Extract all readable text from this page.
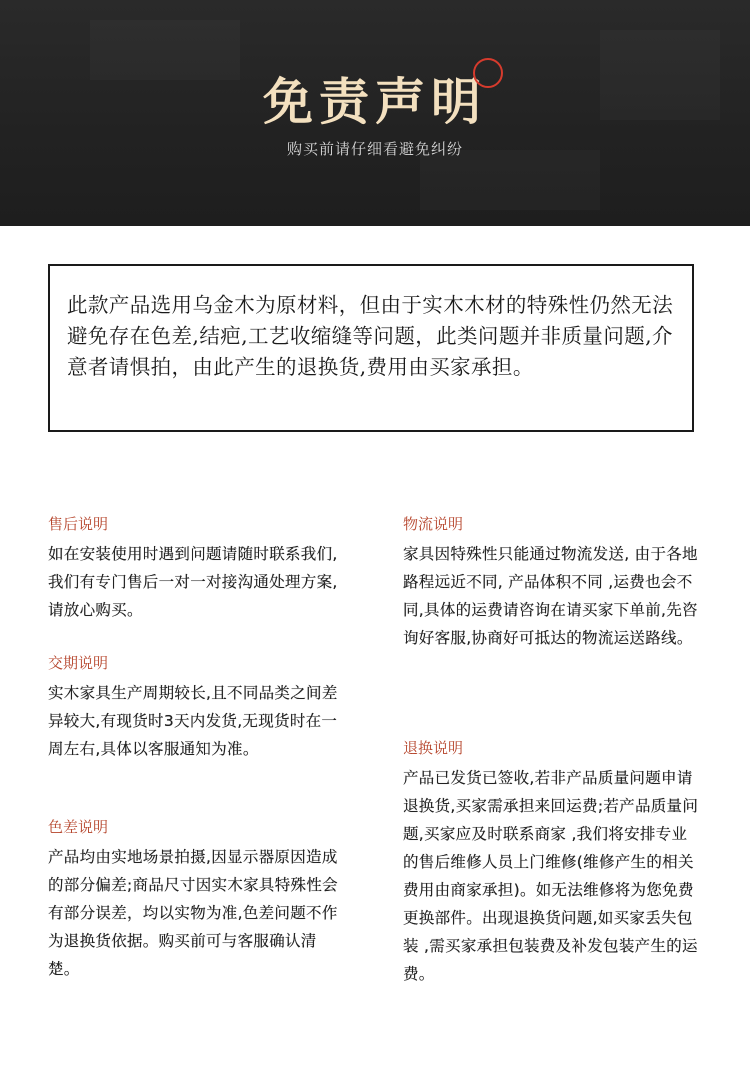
免责声明
购买前请仔细看避免纠纷

此款产品选用乌金木为原材料，但由于实木木材的特殊性仍然无法避免存在色差,结疤,工艺收缩缝等问题，此类问题并非质量问题,介意者请惧拍，由此产生的退换货,费用由买家承担。

售后说明

如在安装使用时遇到问题请随时联系我们,我们有专门售后一对一对接沟通处理方案,请放心购买。

交期说明

实木家具生产周期较长,且不同品类之间差异较大,有现货时3天内发货,无现货时在一周左右,具体以客服通知为准。

色差说明

产品均由实地场景拍摄,因显示器原因造成的部分偏差;商品尺寸因实木家具特殊性会有部分误差，均以实物为准,色差问题不作为退换货依据。购买前可与客服确认清楚。

物流说明

家具因特殊性只能通过物流发送, 由于各地路程远近不同, 产品体积不同 ,运费也会不同,具体的运费请咨询在请买家下单前,先咨询好客服,协商好可抵达的物流运送路线。

退换说明

产品已发货已签收,若非产品质量问题申请退换货,买家需承担来回运费;若产品质量问题,买家应及时联系商家 ,我们将安排专业的售后维修人员上门维修(维修产生的相关费用由商家承担)。如无法维修将为您免费更换部件。出现退换货问题,如买家丢失包装 ,需买家承担包装费及补发包装产生的运费。
